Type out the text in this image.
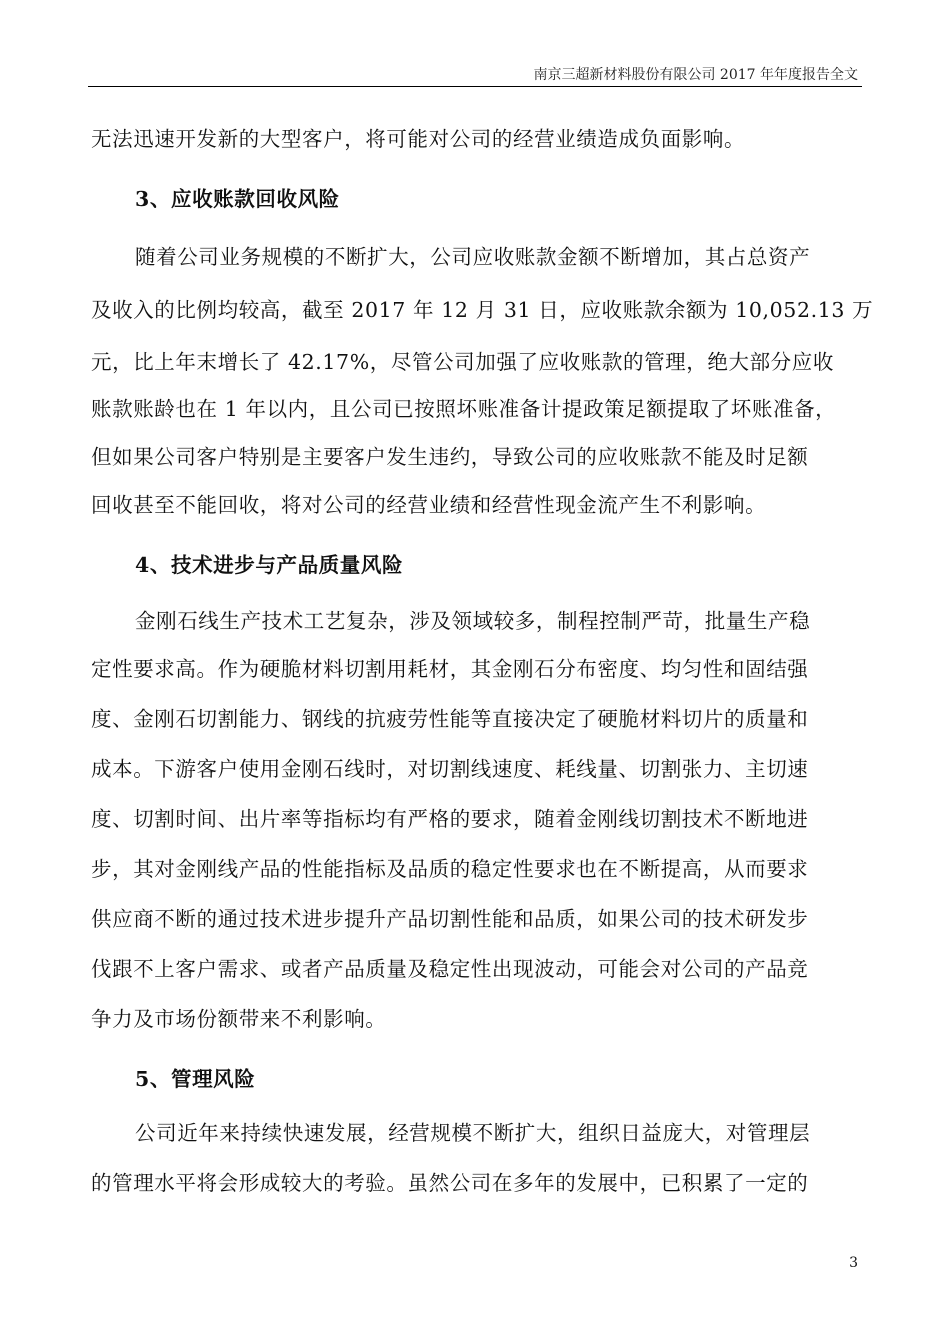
南京三超新材料股份有限公司 2017 年年度报告全文
无法迅速开发新的大型客户，将可能对公司的经营业绩造成负面影响。
3、应收账款回收风险
随着公司业务规模的不断扩大，公司应收账款金额不断增加，其占总资产
及收入的比例均较高，截至 2017 年 12 月 31 日，应收账款余额为 10,052.13 万
元，比上年末增长了 42.17%，尽管公司加强了应收账款的管理，绝大部分应收
账款账龄也在 1 年以内，且公司已按照坏账准备计提政策足额提取了坏账准备，
但如果公司客户特别是主要客户发生违约，导致公司的应收账款不能及时足额
回收甚至不能回收，将对公司的经营业绩和经营性现金流产生不利影响。
4、技术进步与产品质量风险
金刚石线生产技术工艺复杂，涉及领域较多，制程控制严苛，批量生产稳
定性要求高。作为硬脆材料切割用耗材，其金刚石分布密度、均匀性和固结强
度、金刚石切割能力、钢线的抗疲劳性能等直接决定了硬脆材料切片的质量和
成本。下游客户使用金刚石线时，对切割线速度、耗线量、切割张力、主切速
度、切割时间、出片率等指标均有严格的要求，随着金刚线切割技术不断地进
步，其对金刚线产品的性能指标及品质的稳定性要求也在不断提高，从而要求
供应商不断的通过技术进步提升产品切割性能和品质，如果公司的技术研发步
伐跟不上客户需求、或者产品质量及稳定性出现波动，可能会对公司的产品竞
争力及市场份额带来不利影响。
5、管理风险
公司近年来持续快速发展，经营规模不断扩大，组织日益庞大，对管理层
的管理水平将会形成较大的考验。虽然公司在多年的发展中，已积累了一定的
3
